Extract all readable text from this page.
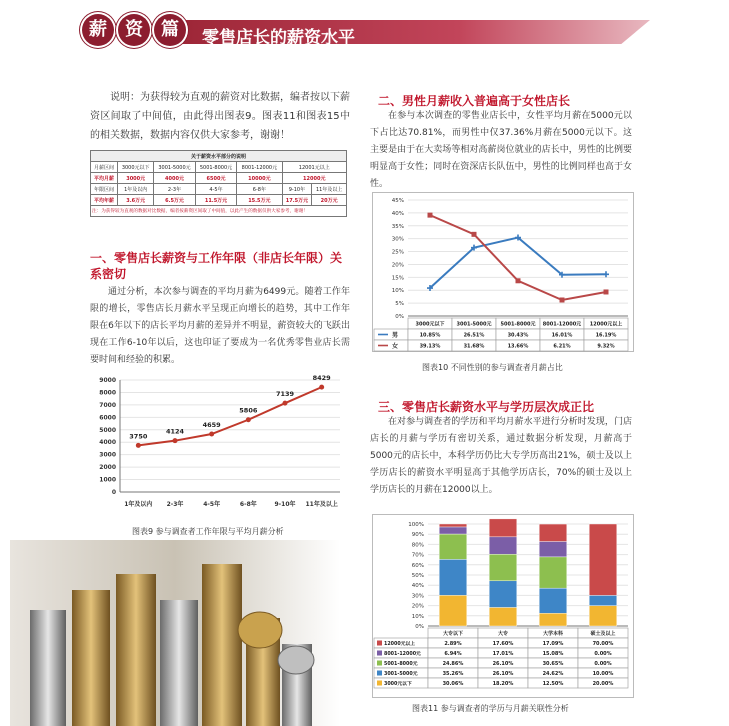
薪	资	篇	零售店长的薪资水平
说明：为获得较为直观的薪资对比数据，编者按以下薪资区间取了中间值，由此得出图表9。图表11和图表15中的相关数据，数据内容仅供大家参考，谢谢！
关于薪资水平部分的说明						
月薪区间	3000元以下	3001-5000元	5001-8000元	8001-12000元	12001元以上	
平均月薪	3000元	4000元	6500元	10000元	12000元	
年限区间	1年及以内	2-3年	4-5年	6-8年	9-10年	11年及以上
平均年薪	3.6万元	6.5万元	11.5万元	15.5万元	17.5万元	20万元
注：为获得较为直观的数据对比数据，编者按薪资区间取了中间值，以此产生的数据仅供大家参考，谢谢！						
一、零售店长薪资与工作年限（非店长年限）关系密切
通过分析，本次参与调查的平均月薪为6499元。随着工作年限的增长，零售店长月薪水平呈现正向增长的趋势，其中工作年限在6年以下的店长平均月薪的差异并不明显，薪资较大的飞跃出现在工作6-10年以后，这也印证了要成为一名优秀零售业店长需要时间和经验的积累。
0
1000
2000
3000
4000
5000
6000
7000
8000
9000
3750
1年及以内
4124
2-3年
4659
4-5年
5806
6-8年
7139
9-10年
8429
11年及以上
图表9 参与调查者工作年限与平均月薪分析
二、男性月薪收入普遍高于女性店长
在参与本次调查的零售业店长中，女性平均月薪在5000元以下占比达70.81%，而男性中仅37.36%月薪在5000元以下。这主要是由于在大卖场等相对高薪岗位就业的店长中，男性的比例要明显高于女性；同时在资深店长队伍中，男性的比例同样也高于女性。
0%
5%
10%
15%
20%
25%
30%
35%
40%
45%
3000元以下 3001-5000元 5001-8000元 8001-12000元 12000元以上
男	10.85%	26.51%	30.43%	16.01%	16.19%
女	39.13%	31.68%	13.66%	6.21%	9.32%
图表10 不同性别的参与调查者月薪占比
三、零售店长薪资水平与学历层次成正比
在对参与调查者的学历和平均月薪水平进行分析时发现，门店店长的月薪与学历有密切关系，通过数据分析发现，月薪高于5000元的店长中，本科学历仍比大专学历高出21%，硕士及以上学历店长的薪资水平明显高于其他学历店长，70%的硕士及以上学历店长的月薪在12000以上。
0%
10%
20%
30%
40%
50%
60%
70%
80%
90%
100%
大专以下	大专	大学本科	硕士及以上
12000元以上	2.89%	17.60%	17.09%	70.00%
8001-12000元	6.94%	17.01%	15.08%	0.00%
5001-8000元	24.86%	26.10%	30.65%	0.00%
3001-5000元	35.26%	26.10%	24.62%	10.00%
3000元以下	30.06%	18.20%	12.50%	20.00%
图表11 参与调查者的学历与月薪关联性分析
